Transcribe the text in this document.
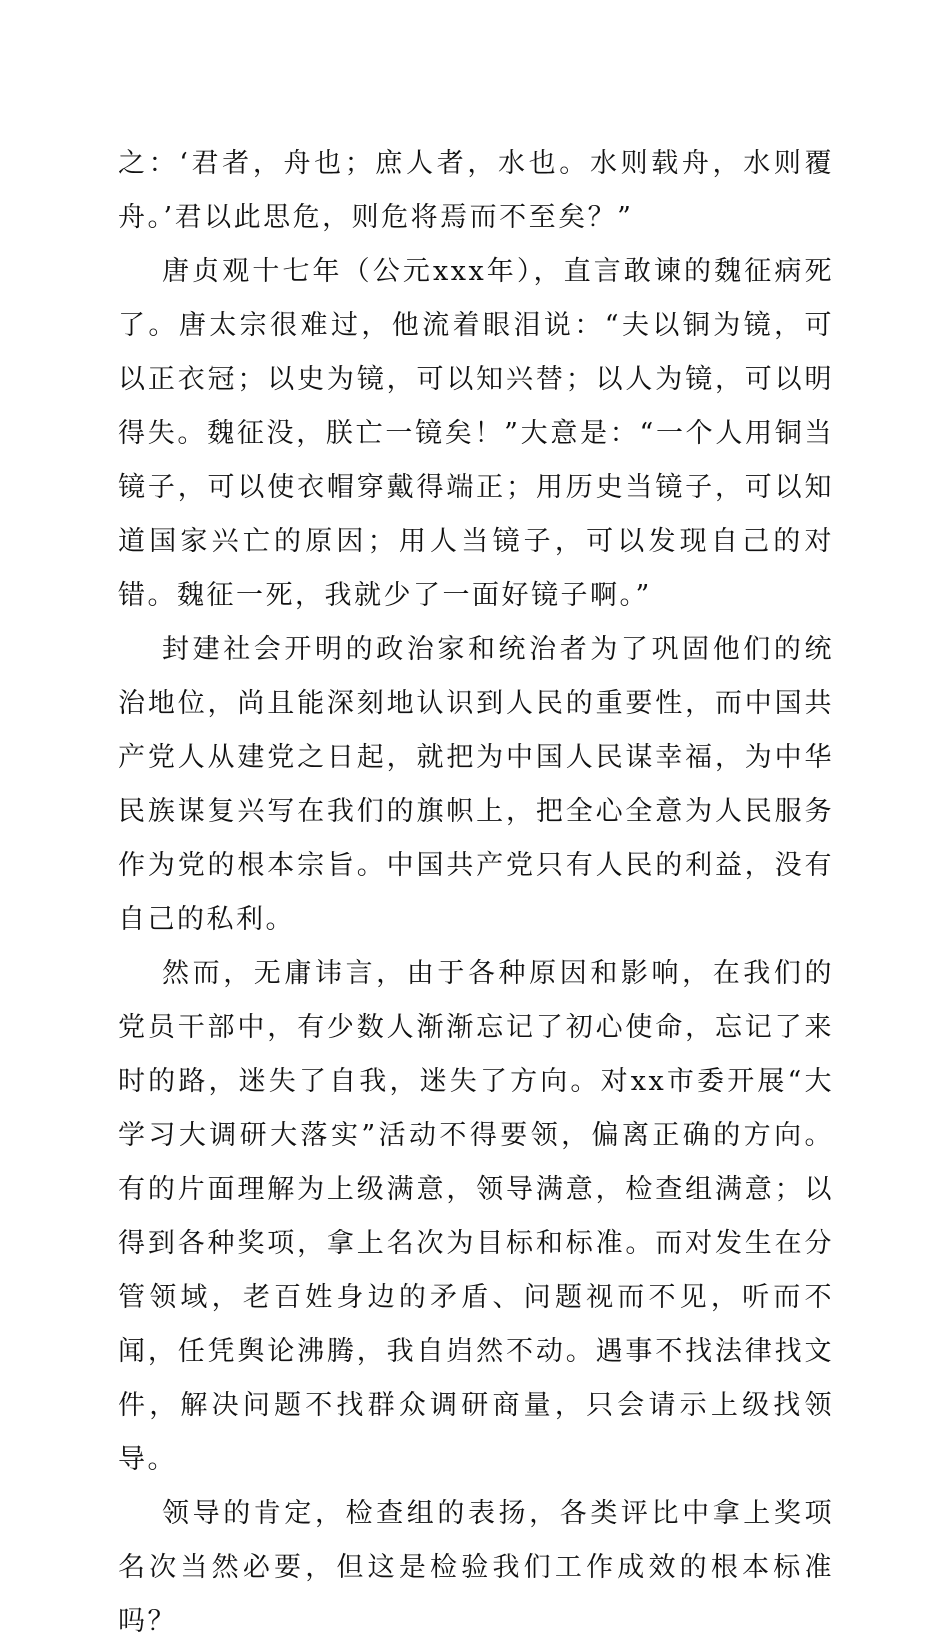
之：‘君者，舟也；庶人者，水也。水则载舟，水则覆舟。’君以此思危，则危将焉而不至矣？”

唐贞观十七年（公元xxx年），直言敢谏的魏征病死了。唐太宗很难过，他流着眼泪说：“夫以铜为镜，可以正衣冠；以史为镜，可以知兴替；以人为镜，可以明得失。魏征没，朕亡一镜矣！”大意是：“一个人用铜当镜子，可以使衣帽穿戴得端正；用历史当镜子，可以知道国家兴亡的原因；用人当镜子，可以发现自己的对错。魏征一死，我就少了一面好镜子啊。”

封建社会开明的政治家和统治者为了巩固他们的统治地位，尚且能深刻地认识到人民的重要性，而中国共产党人从建党之日起，就把为中国人民谋幸福，为中华民族谋复兴写在我们的旗帜上，把全心全意为人民服务作为党的根本宗旨。中国共产党只有人民的利益，没有自己的私利。

然而，无庸讳言，由于各种原因和影响，在我们的党员干部中，有少数人渐渐忘记了初心使命，忘记了来时的路，迷失了自我，迷失了方向。对xx市委开展“大学习大调研大落实”活动不得要领，偏离正确的方向。有的片面理解为上级满意，领导满意，检查组满意；以得到各种奖项，拿上名次为目标和标准。而对发生在分管领域，老百姓身边的矛盾、问题视而不见，听而不闻，任凭舆论沸腾，我自岿然不动。遇事不找法律找文件，解决问题不找群众调研商量，只会请示上级找领导。

领导的肯定，检查组的表扬，各类评比中拿上奖项名次当然必要，但这是检验我们工作成效的根本标准吗？
